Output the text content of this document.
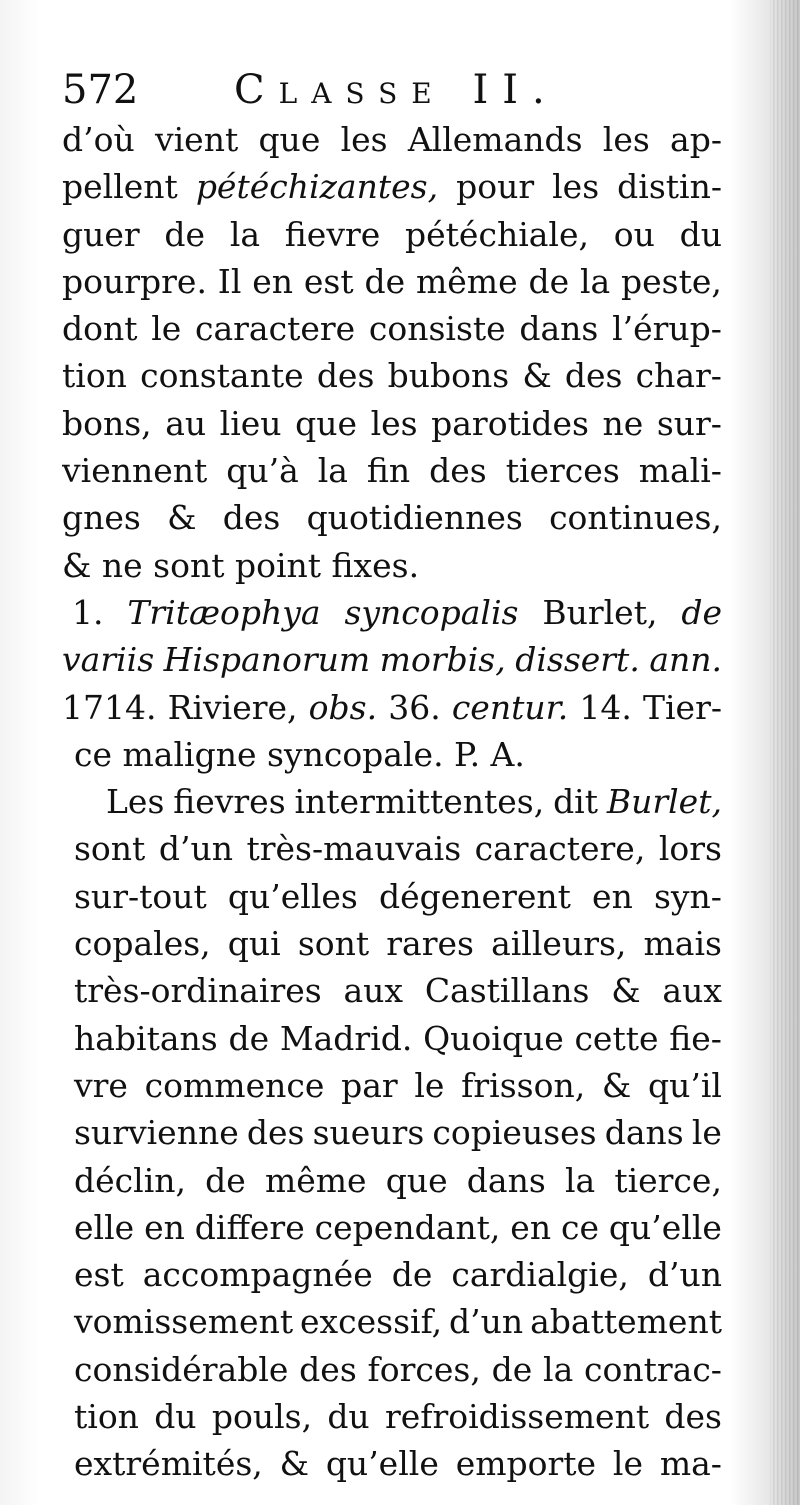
572 Classe II.
d’où vient que les Allemands les ap-
pellent pétéchizantes, pour les distin-
guer de la fievre pétéchiale, ou du
pourpre. Il en est de même de la peste,
dont le caractere consiste dans l’érup-
tion constante des bubons & des char-
bons, au lieu que les parotides ne sur-
viennent qu’à la fin des tierces mali-
gnes & des quotidiennes continues,
& ne sont point fixes.
1. Tritæophya syncopalis Burlet, de
variis Hispanorum morbis, dissert. ann.
1714. Riviere, obs. 36. centur. 14. Tier-
ce maligne syncopale. P. A.
Les fievres intermittentes, dit Burlet,
sont d’un très-mauvais caractere, lors
sur-tout qu’elles dégenerent en syn-
copales, qui sont rares ailleurs, mais
très-ordinaires aux Castillans & aux
habitans de Madrid. Quoique cette fie-
vre commence par le frisson, & qu’il
survienne des sueurs copieuses dans le
déclin, de même que dans la tierce,
elle en differe cependant, en ce qu’elle
est accompagnée de cardialgie, d’un
vomissement excessif, d’un abattement
considérable des forces, de la contrac-
tion du pouls, du refroidissement des
extrémités, & qu’elle emporte le ma-
